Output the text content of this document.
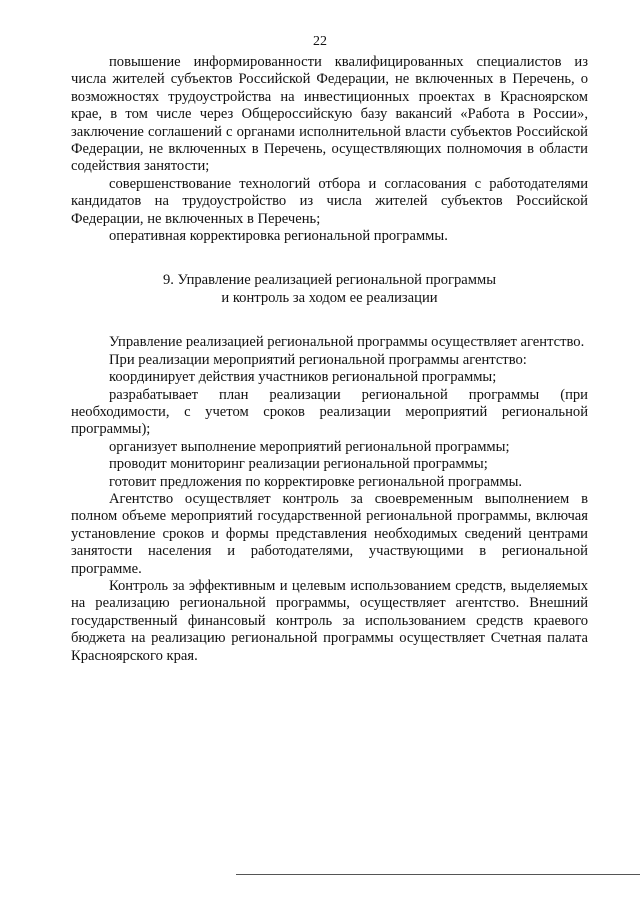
22

повышение информированности квалифицированных специалистов из числа жителей субъектов Российской Федерации, не включенных в Перечень, о возможностях трудоустройства на инвестиционных проектах в Красноярском крае, в том числе через Общероссийскую базу вакансий «Работа в России», заключение соглашений с органами исполнительной власти субъектов Российской Федерации, не включенных в Перечень, осуществляющих полномочия в области содействия занятости;

совершенствование технологий отбора и согласования с работодателями кандидатов на трудоустройство из числа жителей субъектов Российской Федерации, не включенных в Перечень;

оперативная корректировка региональной программы.

9. Управление реализацией региональной программы
и контроль за ходом ее реализации

Управление реализацией региональной программы осуществляет агентство.

При реализации мероприятий региональной программы агентство:

координирует действия участников региональной программы;

разрабатывает план реализации региональной программы (при необходимости, с учетом сроков реализации мероприятий региональной программы);

организует выполнение мероприятий региональной программы;

проводит мониторинг реализации региональной программы;

готовит предложения по корректировке региональной программы.

Агентство осуществляет контроль за своевременным выполнением в полном объеме мероприятий государственной региональной программы, включая установление сроков и формы представления необходимых сведений центрами занятости населения и работодателями, участвующими в региональной программе.

Контроль за эффективным и целевым использованием средств, выделяемых на реализацию региональной программы, осуществляет агентство. Внешний государственный финансовый контроль за использованием средств краевого бюджета на реализацию региональной программы осуществляет Счетная палата Красноярского края.
